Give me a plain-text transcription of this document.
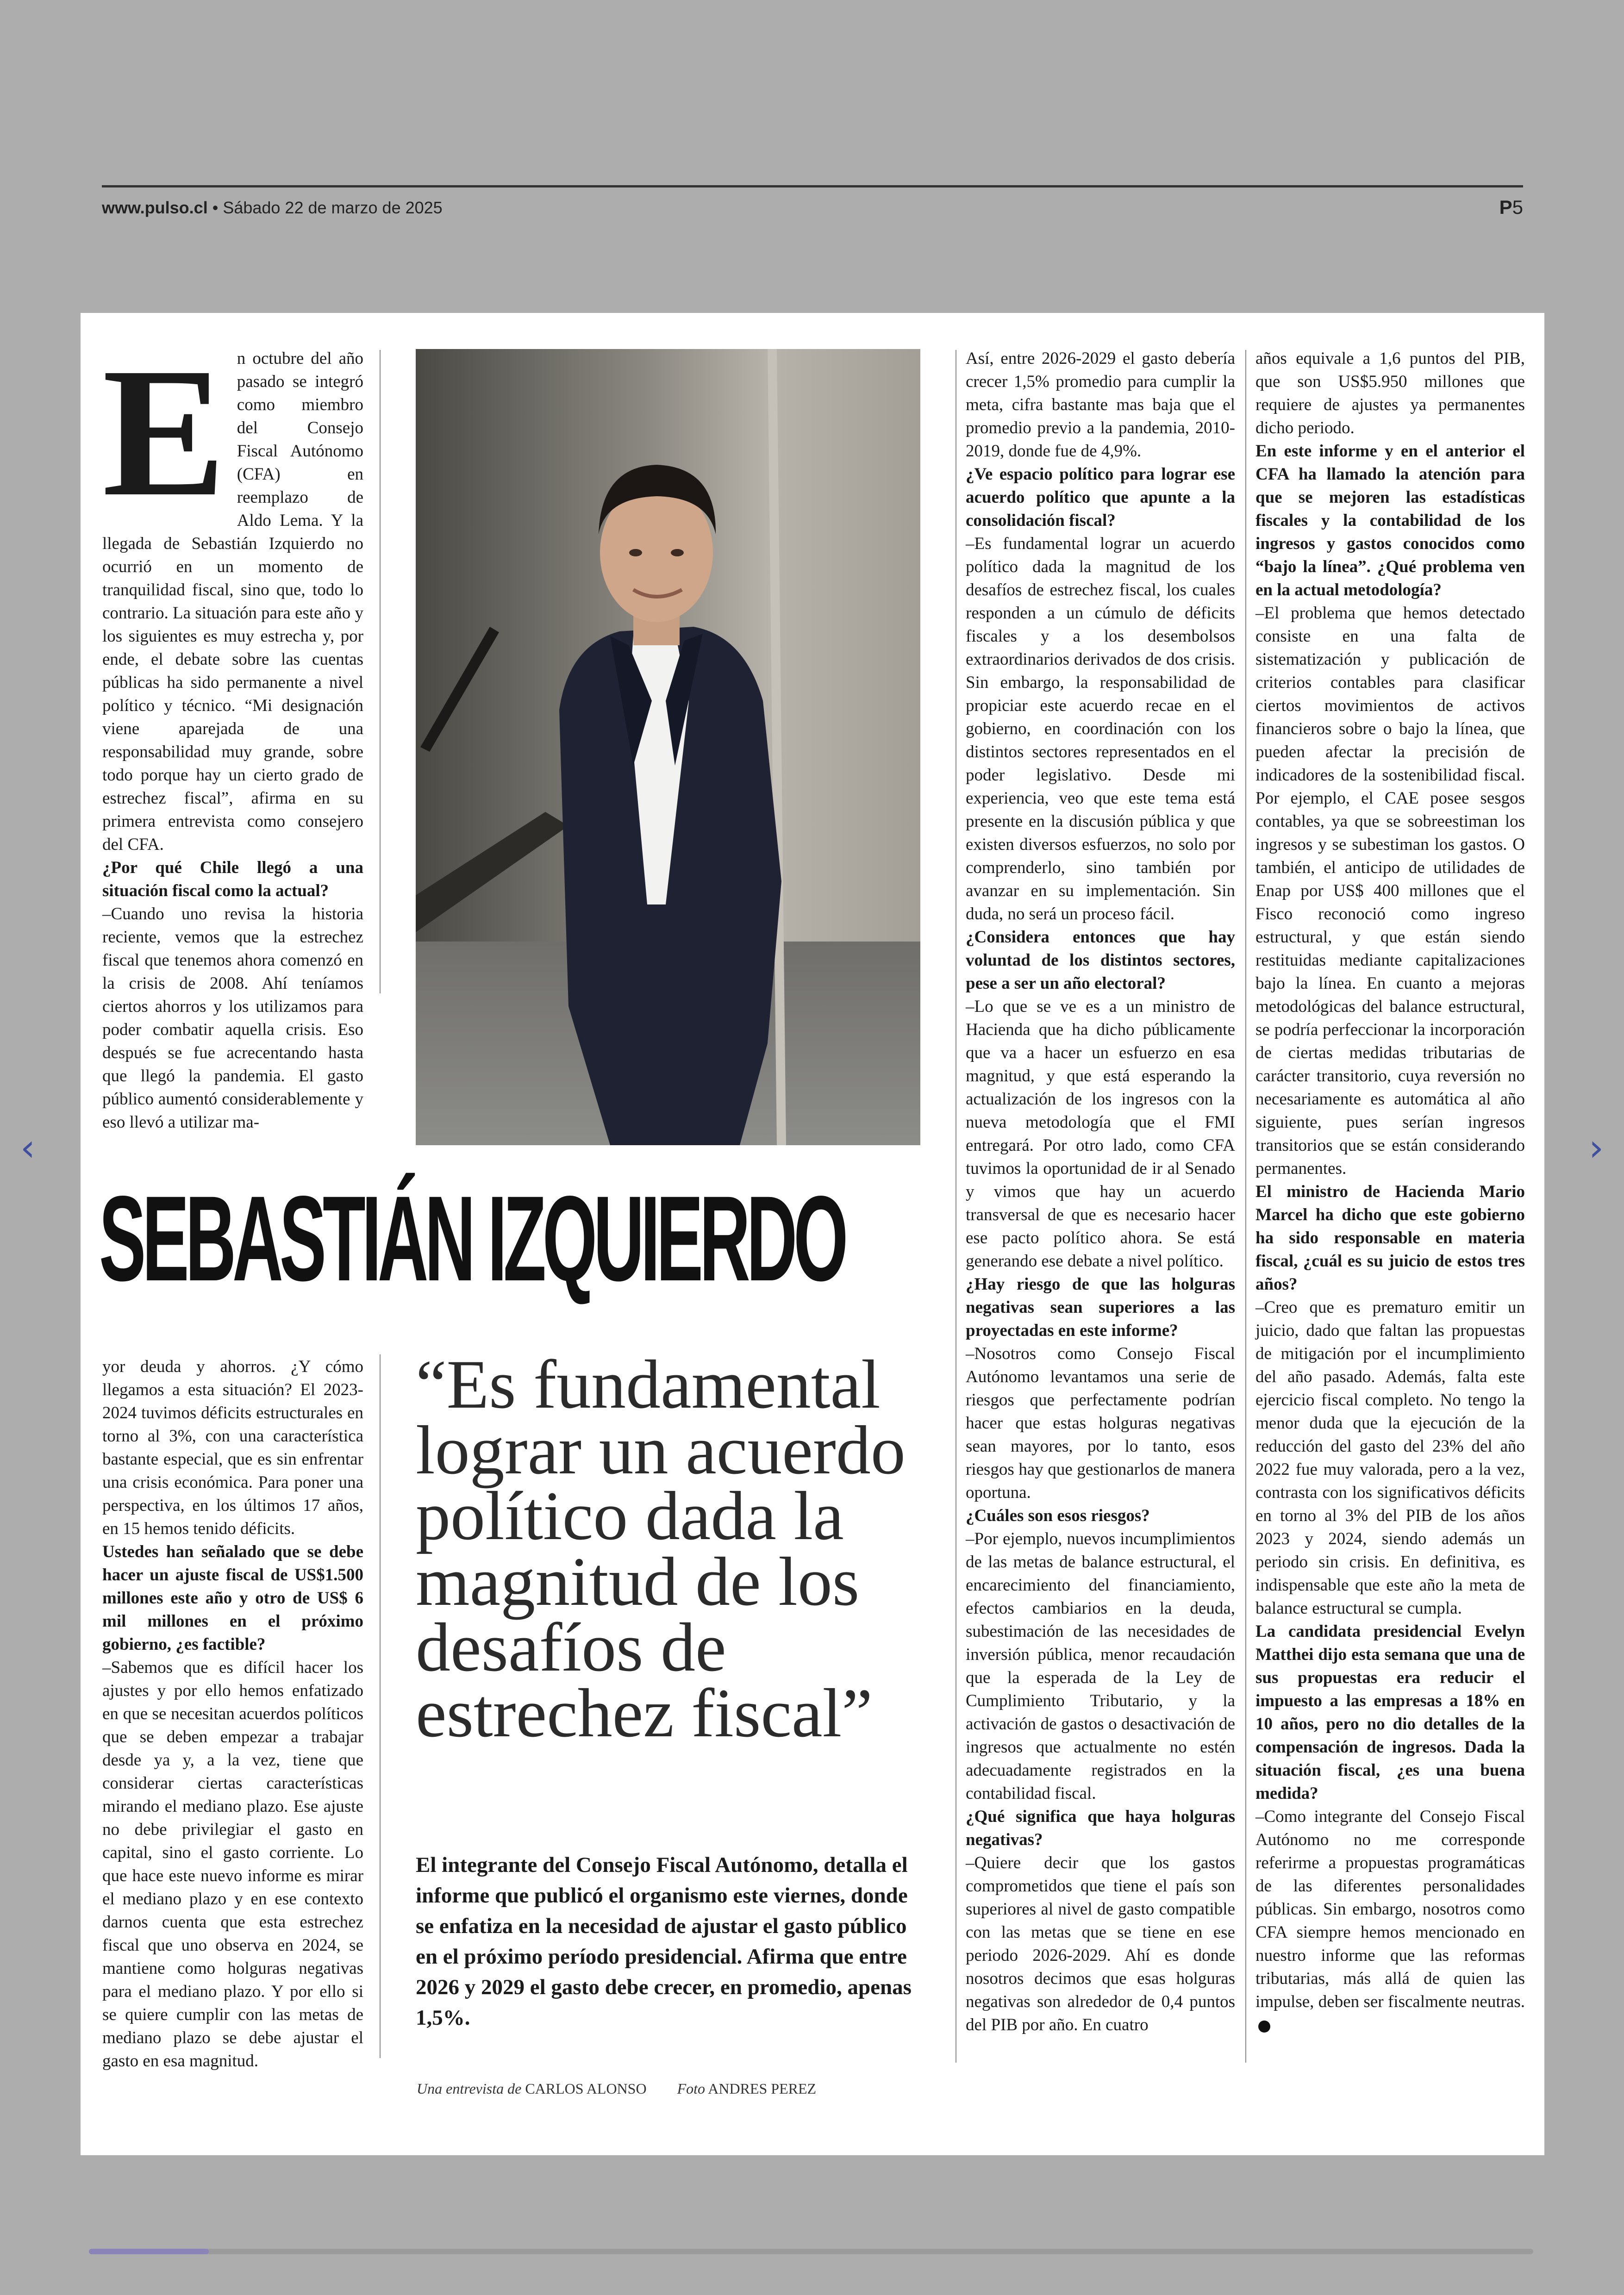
www.pulso.cl • Sábado 22 de marzo de 2025	P5
‹	›
E n octubre del año pasado se integró como miembro del Consejo Fiscal Autónomo (CFA) en reemplazo de Aldo Lema. Y la llegada de Sebastián Izquierdo no ocurrió en un momento de tranquilidad fiscal, sino que, todo lo contrario. La situación para este año y los siguientes es muy estrecha y, por ende, el debate sobre las cuentas públicas ha sido permanente a nivel político y técnico. “Mi designación viene aparejada de una responsabilidad muy grande, sobre todo porque hay un cierto grado de estrechez fiscal”, afirma en su primera entrevista como consejero del CFA.

¿Por qué Chile llegó a una situación fiscal como la actual?

–Cuando uno revisa la historia reciente, vemos que la estrechez fiscal que tenemos ahora comenzó en la crisis de 2008. Ahí teníamos ciertos ahorros y los utilizamos para poder combatir aquella crisis. Eso después se fue acrecentando hasta que llegó la pandemia. El gasto público aumentó considerablemente y eso llevó a utilizar ma-

SEBASTIÁN IZQUIERDO

yor deuda y ahorros. ¿Y cómo llegamos a esta situación? El 2023-2024 tuvimos déficits estructurales en torno al 3%, con una característica bastante especial, que es sin enfrentar una crisis económica. Para poner una perspectiva, en los últimos 17 años, en 15 hemos tenido déficits.

Ustedes han señalado que se debe hacer un ajuste fiscal de US$1.500 millones este año y otro de US$ 6 mil millones en el próximo gobierno, ¿es factible?

–Sabemos que es difícil hacer los ajustes y por ello hemos enfatizado en que se necesitan acuerdos políticos que se deben empezar a trabajar desde ya y, a la vez, tiene que considerar ciertas características mirando el mediano plazo. Ese ajuste no debe privilegiar el gasto en capital, sino el gasto corriente. Lo que hace este nuevo informe es mirar el mediano plazo y en ese contexto darnos cuenta que esta estrechez fiscal que uno observa en 2024, se mantiene como holguras negativas para el mediano plazo. Y por ello si se quiere cumplir con las metas de mediano plazo se debe ajustar el gasto en esa magnitud.

“Es fundamental lograr un acuerdo político dada la magnitud de los desafíos de estrechez fiscal”
El integrante del Consejo Fiscal Autónomo, detalla el informe que publicó el organismo este viernes, donde se enfatiza en la necesidad de ajustar el gasto público en el próximo período presidencial. Afirma que entre 2026 y 2029 el gasto debe crecer, en promedio, apenas 1,5%.
Una entrevista de CARLOS ALONSO Foto ANDRES PEREZ

Así, entre 2026-2029 el gasto debería crecer 1,5% promedio para cumplir la meta, cifra bastante mas baja que el promedio previo a la pandemia, 2010-2019, donde fue de 4,9%.

¿Ve espacio político para lograr ese acuerdo político que apunte a la consolidación fiscal?

–Es fundamental lograr un acuerdo político dada la magnitud de los desafíos de estrechez fiscal, los cuales responden a un cúmulo de déficits fiscales y a los desembolsos extraordinarios derivados de dos crisis. Sin embargo, la responsabilidad de propiciar este acuerdo recae en el gobierno, en coordinación con los distintos sectores representados en el poder legislativo. Desde mi experiencia, veo que este tema está presente en la discusión pública y que existen diversos esfuerzos, no solo por comprenderlo, sino también por avanzar en su implementación. Sin duda, no será un proceso fácil.

¿Considera entonces que hay voluntad de los distintos sectores, pese a ser un año electoral?

–Lo que se ve es a un ministro de Hacienda que ha dicho públicamente que va a hacer un esfuerzo en esa magnitud, y que está esperando la actualización de los ingresos con la nueva metodología que el FMI entregará. Por otro lado, como CFA tuvimos la oportunidad de ir al Senado y vimos que hay un acuerdo transversal de que es necesario hacer ese pacto político ahora. Se está generando ese debate a nivel político.

¿Hay riesgo de que las holguras negativas sean superiores a las proyectadas en este informe?

–Nosotros como Consejo Fiscal Autónomo levantamos una serie de riesgos que perfectamente podrían hacer que estas holguras negativas sean mayores, por lo tanto, esos riesgos hay que gestionarlos de manera oportuna.

¿Cuáles son esos riesgos?

–Por ejemplo, nuevos incumplimientos de las metas de balance estructural, el encarecimiento del financiamiento, efectos cambiarios en la deuda, subestimación de las necesidades de inversión pública, menor recaudación que la esperada de la Ley de Cumplimiento Tributario, y la activación de gastos o desactivación de ingresos que actualmente no estén adecuadamente registrados en la contabilidad fiscal.

¿Qué significa que haya holguras negativas?

–Quiere decir que los gastos comprometidos que tiene el país son superiores al nivel de gasto compatible con las metas que se tiene en ese periodo 2026-2029. Ahí es donde nosotros decimos que esas holguras negativas son alrededor de 0,4 puntos del PIB por año. En cuatro

años equivale a 1,6 puntos del PIB, que son US$5.950 millones que requiere de ajustes ya permanentes dicho periodo.

En este informe y en el anterior el CFA ha llamado la atención para que se mejoren las estadísticas fiscales y la contabilidad de los ingresos y gastos conocidos como “bajo la línea”. ¿Qué problema ven en la actual metodología?

–El problema que hemos detectado consiste en una falta de sistematización y publicación de criterios contables para clasificar ciertos movimientos de activos financieros sobre o bajo la línea, que pueden afectar la precisión de indicadores de la sostenibilidad fiscal. Por ejemplo, el CAE posee sesgos contables, ya que se sobreestiman los ingresos y se subestiman los gastos. O también, el anticipo de utilidades de Enap por US$ 400 millones que el Fisco reconoció como ingreso estructural, y que están siendo restituidas mediante capitalizaciones bajo la línea. En cuanto a mejoras metodológicas del balance estructural, se podría perfeccionar la incorporación de ciertas medidas tributarias de carácter transitorio, cuya reversión no necesariamente es automática al año siguiente, pues serían ingresos transitorios que se están considerando permanentes.

El ministro de Hacienda Mario Marcel ha dicho que este gobierno ha sido responsable en materia fiscal, ¿cuál es su juicio de estos tres años?

–Creo que es prematuro emitir un juicio, dado que faltan las propuestas de mitigación por el incumplimiento del año pasado. Además, falta este ejercicio fiscal completo. No tengo la menor duda que la ejecución de la reducción del gasto del 23% del año 2022 fue muy valorada, pero a la vez, contrasta con los significativos déficits en torno al 3% del PIB de los años 2023 y 2024, siendo además un periodo sin crisis. En definitiva, es indispensable que este año la meta de balance estructural se cumpla.

La candidata presidencial Evelyn Matthei dijo esta semana que una de sus propuestas era reducir el impuesto a las empresas a 18% en 10 años, pero no dio detalles de la compensación de ingresos. Dada la situación fiscal, ¿es una buena medida?

–Como integrante del Consejo Fiscal Autónomo no me corresponde referirme a propuestas programáticas de las diferentes personalidades públicas. Sin embargo, nosotros como CFA siempre hemos mencionado en nuestro informe que las reformas tributarias, más allá de quien las impulse, deben ser fiscalmente neutras.
